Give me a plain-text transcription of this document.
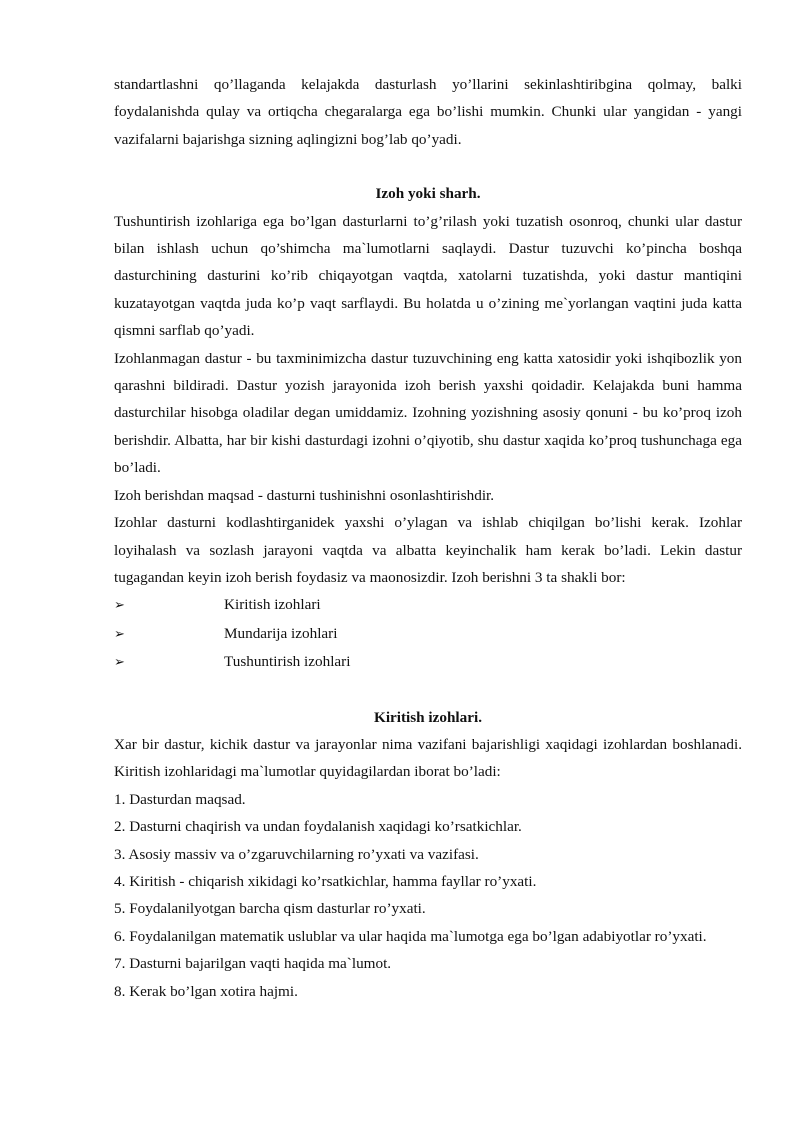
standartlashni qo’llaganda kelajakda dasturlash yo’llarini sekinlashtiribgina qolmay, balki foydalanishda qulay va ortiqcha chegaralarga ega bo’lishi mumkin. Chunki ular yangidan - yangi vazifalarni bajarishga sizning aqlingizni bog’lab qo’yadi.

Izoh yoki sharh.

Tushuntirish izohlariga ega bo’lgan dasturlarni to’g’rilash yoki tuzatish osonroq, chunki ular dastur bilan ishlash uchun qo’shimcha ma`lumotlarni saqlaydi. Dastur tuzuvchi ko’pincha boshqa dasturchining dasturini ko’rib chiqayotgan vaqtda, xatolarni tuzatishda, yoki dastur mantiqini kuzatayotgan vaqtda juda ko’p vaqt sarflaydi. Bu holatda u o’zining me`yorlangan vaqtini juda katta qismni sarflab qo’yadi.

Izohlanmagan dastur - bu taxminimizcha dastur tuzuvchining eng katta xatosidir yoki ishqibozlik yon qarashni bildiradi. Dastur yozish jarayonida izoh berish yaxshi qoidadir. Kelajakda buni hamma dasturchilar hisobga oladilar degan umiddamiz. Izohning yozishning asosiy qonuni - bu ko’proq izoh berishdir. Albatta, har bir kishi dasturdagi izohni o’qiyotib, shu dastur xaqida ko’proq tushunchaga ega bo’ladi.

Izoh berishdan maqsad - dasturni tushinishni osonlashtirishdir.

Izohlar dasturni kodlashtirganidek yaxshi o’ylagan va ishlab chiqilgan bo’lishi kerak. Izohlar loyihalash va sozlash jarayoni vaqtda va albatta keyinchalik ham kerak bo’ladi. Lekin dastur tugagandan keyin izoh berish foydasiz va maonosizdir. Izoh berishni 3 ta shakli bor:

➢	Kiritish izohlari
➢	Mundarija izohlari
➢	Tushuntirish izohlari

Kiritish izohlari.

Xar bir dastur, kichik dastur va jarayonlar nima vazifani bajarishligi xaqidagi izohlardan boshlanadi. Kiritish izohlaridagi ma`lumotlar quyidagilardan iborat bo’ladi:

1. Dasturdan maqsad.

2. Dasturni chaqirish va undan foydalanish xaqidagi ko’rsatkichlar.

3. Asosiy massiv va o’zgaruvchilarning ro’yxati va vazifasi.

4. Kiritish - chiqarish xikidagi ko’rsatkichlar, hamma fayllar ro’yxati.

5. Foydalanilyotgan barcha qism dasturlar ro’yxati.

6. Foydalanilgan matematik uslublar va ular haqida ma`lumotga ega bo’lgan adabiyotlar ro’yxati.

7. Dasturni bajarilgan vaqti haqida ma`lumot.

8. Kerak bo’lgan xotira hajmi.
